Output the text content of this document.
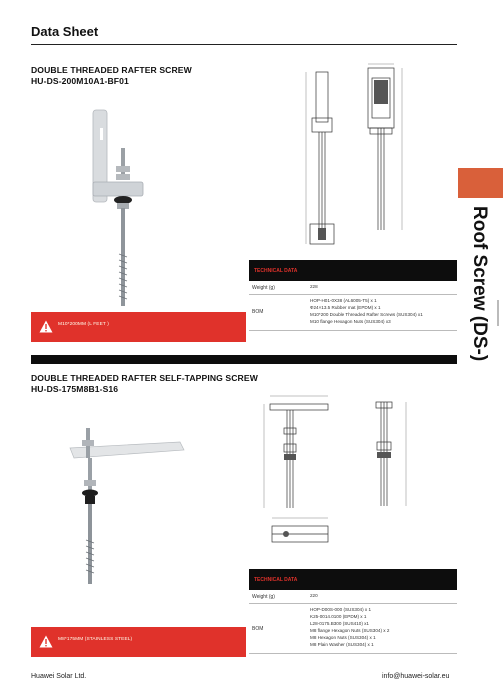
Data Sheet
DOUBLE THREADED RAFTER SCREW
HU-DS-200M10A1-BF01
M10*200MM (L FEET )
TECHNICAL DATA
Weight (g)	228
BOM
HOP-H01-0X38 (AL6005-T5) x 1
Ф24×13.5 Rubber mat (EPDM) x 1
M10*200 Double Threaded Rafter Screws (SUS304) x1
M10 flange Hexagon Nuts (SUS304) x3
DOUBLE THREADED RAFTER SELF-TAPPING SCREW
HU-DS-175M8B1-S16
M8*175MM (STAINLESS STEEL)
TECHNICAL DATA
Weight (g)	220
BOM
HOP-D00S-000 (SUS304) x 1
K25-0014.0100 (EPDM) x 1
L28-0175.B300 (SUS410) x1
M8 flange Hexagon Nuts (SUS304) x 2
M8 Hexagon Nuts (SUS304) x 1
M8 Plain Washer (SUS304) x 1
Roof Screw (DS-)
Huawei Solar Ltd.	info@huawei-solar.eu
